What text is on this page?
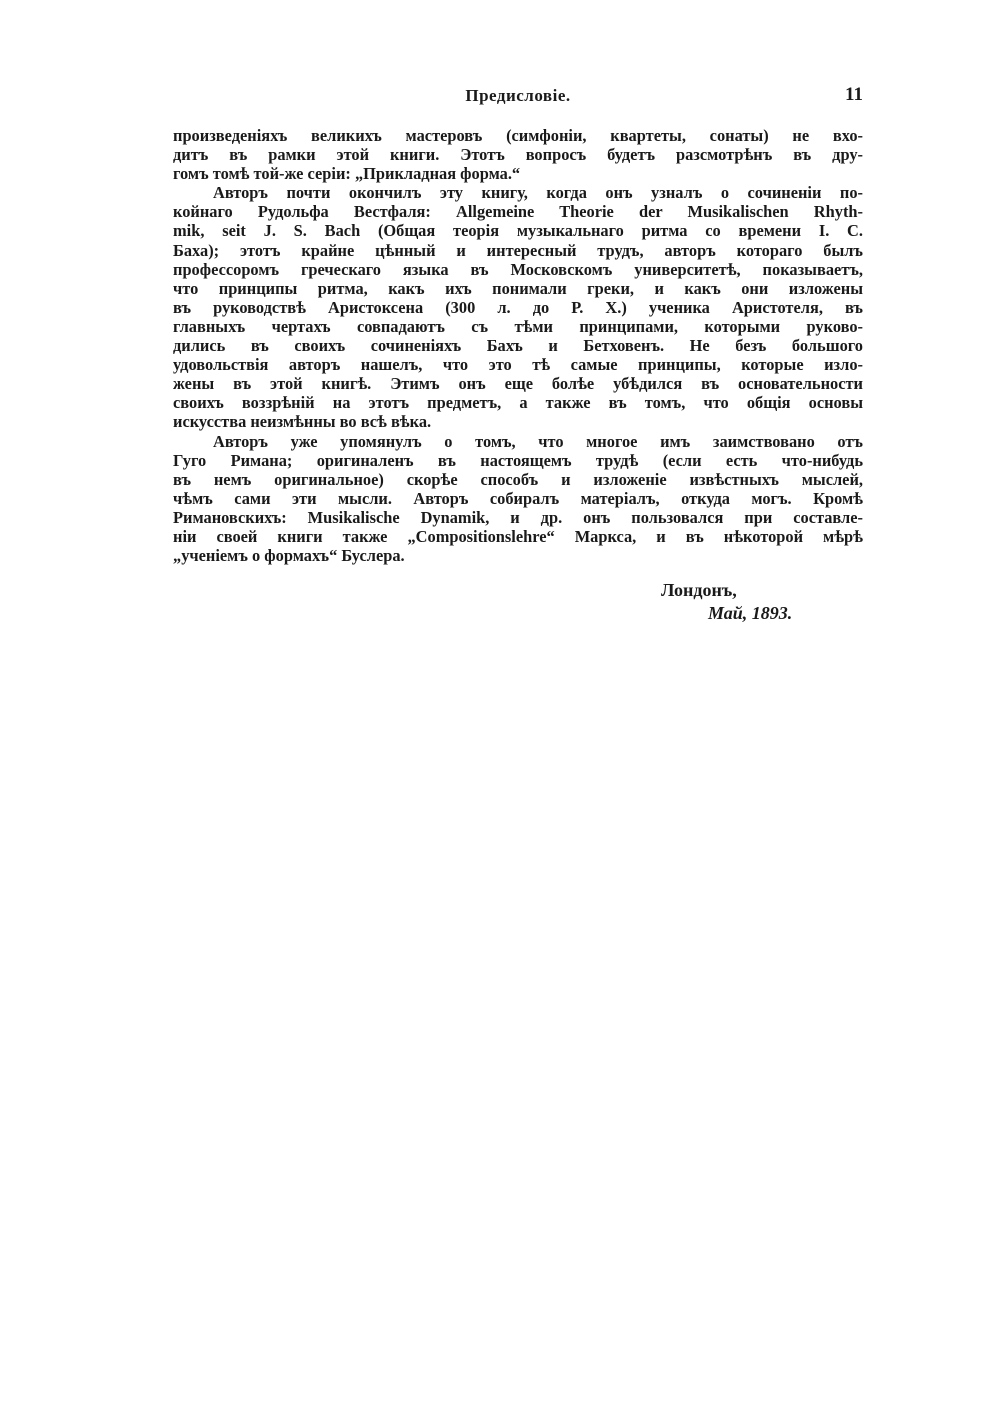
Предисловie.	11
произведенiяхъ великихъ мастеровъ (симфонiи, квартеты, сонаты) не вхо-
дитъ въ рамки этой книги. Этотъ вопросъ будетъ разсмотрѣнъ въ дру-
гомъ томѣ той-же серiи: „Прикладная форма.“
Авторъ почти окончилъ эту книгу, когда онъ узналъ о сочиненiи по-
койнаго Рудольфа Вестфаля: Allgemeine Theorie der Musikalischen Rhyth-
mik, seit J. S. Bach (Общая теорiя музыкальнаго ритма со времени I. С.
Баха); этотъ крайне цѣнный и интересный трудъ, авторъ котораго былъ
профессоромъ греческаго языка въ Московскомъ университетѣ, показываетъ,
что принципы ритма, какъ ихъ понимали греки, и какъ они изложены
въ руководствѣ Аристоксена (300 л. до Р. X.) ученика Аристотеля, въ
главныхъ чертахъ совпадаютъ съ тѣми принципами, которыми руково-
дились въ своихъ сочиненiяхъ Бахъ и Бетховенъ. Не безъ большого
удовольствiя авторъ нашелъ, что это тѣ самые принципы, которые изло-
жены въ этой книгѣ. Этимъ онъ еще болѣе убѣдился въ основательности
своихъ воззрѣнiй на этотъ предметъ, а также въ томъ, что общiя основы
искусства неизмѣнны во всѣ вѣка.
Авторъ уже упомянулъ о томъ, что многое имъ заимствовано отъ
Гуго Римана; оригиналенъ въ настоящемъ трудѣ (если есть что-нибудь
въ немъ оригинальное) скорѣе способъ и изложенiе извѣстныхъ мыслей,
чѣмъ сами эти мысли. Авторъ собиралъ матерiалъ, откуда могъ. Кромѣ
Римановскихъ: Musikalische Dynamik, и др. онъ пользовался при составле-
нiи своей книги также „Compositionslehre“ Маркса, и въ нѣкоторой мѣрѣ
„ученiемъ о формахъ“ Буслера.
Лондонъ,
Май, 1893.
